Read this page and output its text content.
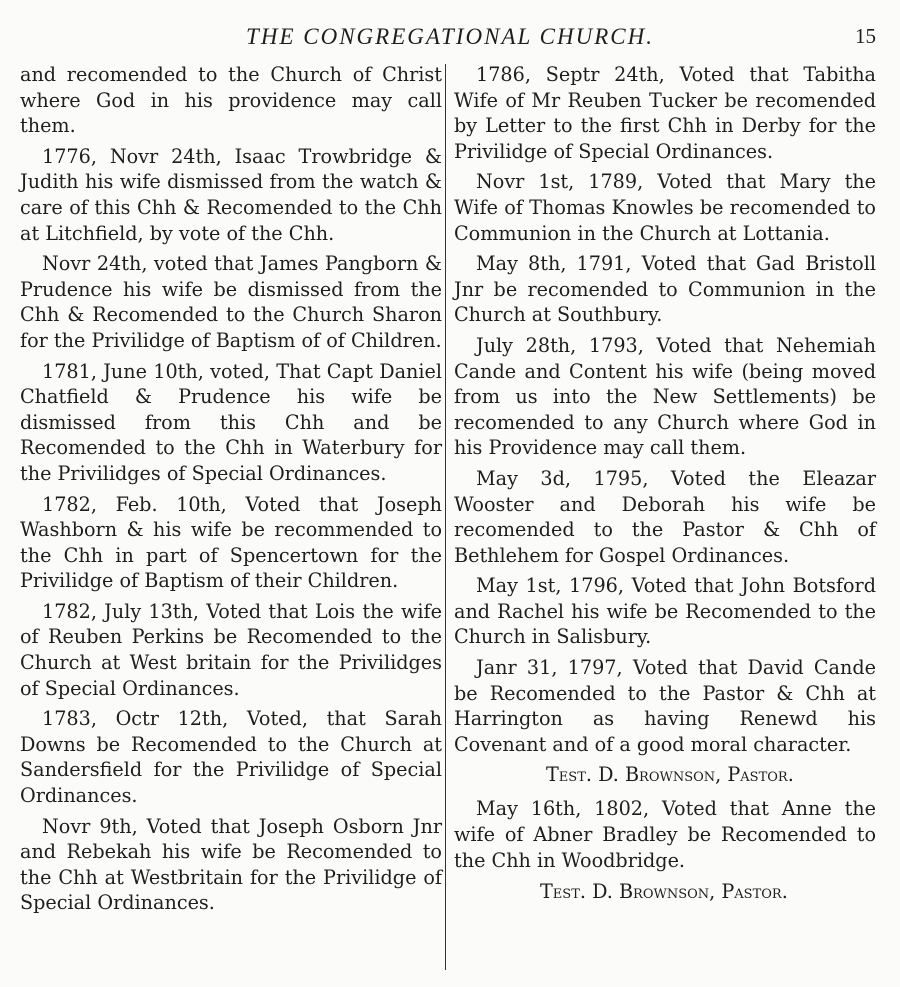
THE CONGREGATIONAL CHURCH.	15

and recomended to the Church of Christ where God in his providence may call them.

1776, Novr 24th, Isaac Trowbridge & Judith his wife dismissed from the watch & care of this Chh & Recomended to the Chh at Litchfield, by vote of the Chh.

Novr 24th, voted that James Pangborn & Prudence his wife be dismissed from the Chh & Recomended to the Church Sharon for the Privilidge of Baptism of of Children.

1781, June 10th, voted, That Capt Daniel Chatfield & Prudence his wife be dismissed from this Chh and be Recomended to the Chh in Waterbury for the Privilidges of Special Ordinances.

1782, Feb. 10th, Voted that Joseph Washborn & his wife be recommended to the Chh in part of Spencertown for the Privilidge of Baptism of their Children.

1782, July 13th, Voted that Lois the wife of Reuben Perkins be Recomended to the Church at West britain for the Privilidges of Special Ordinances.

1783, Octr 12th, Voted, that Sarah Downs be Recomended to the Church at Sandersfield for the Privilidge of Special Ordinances.

Novr 9th, Voted that Joseph Osborn Jnr and Rebekah his wife be Recomended to the Chh at Westbritain for the Privilidge of Special Ordinances.

1786, Septr 24th, Voted that Tabitha Wife of Mr Reuben Tucker be recomended by Letter to the first Chh in Derby for the Privilidge of Special Ordinances.

Novr 1st, 1789, Voted that Mary the Wife of Thomas Knowles be recomended to Communion in the Church at Lottania.

May 8th, 1791, Voted that Gad Bristoll Jnr be recomended to Communion in the Church at Southbury.

July 28th, 1793, Voted that Nehemiah Cande and Content his wife (being moved from us into the New Settlements) be recomended to any Church where God in his Providence may call them.

May 3d, 1795, Voted the Eleazar Wooster and Deborah his wife be recomended to the Pastor & Chh of Bethlehem for Gospel Ordinances.

May 1st, 1796, Voted that John Botsford and Rachel his wife be Recomended to the Church in Salisbury.

Janr 31, 1797, Voted that David Cande be Recomended to the Pastor & Chh at Harrington as having Renewd his Covenant and of a good moral character.

Test. D. Brownson, Pastor.

May 16th, 1802, Voted that Anne the wife of Abner Bradley be Recomended to the Chh in Woodbridge.

Test. D. Brownson, Pastor.
